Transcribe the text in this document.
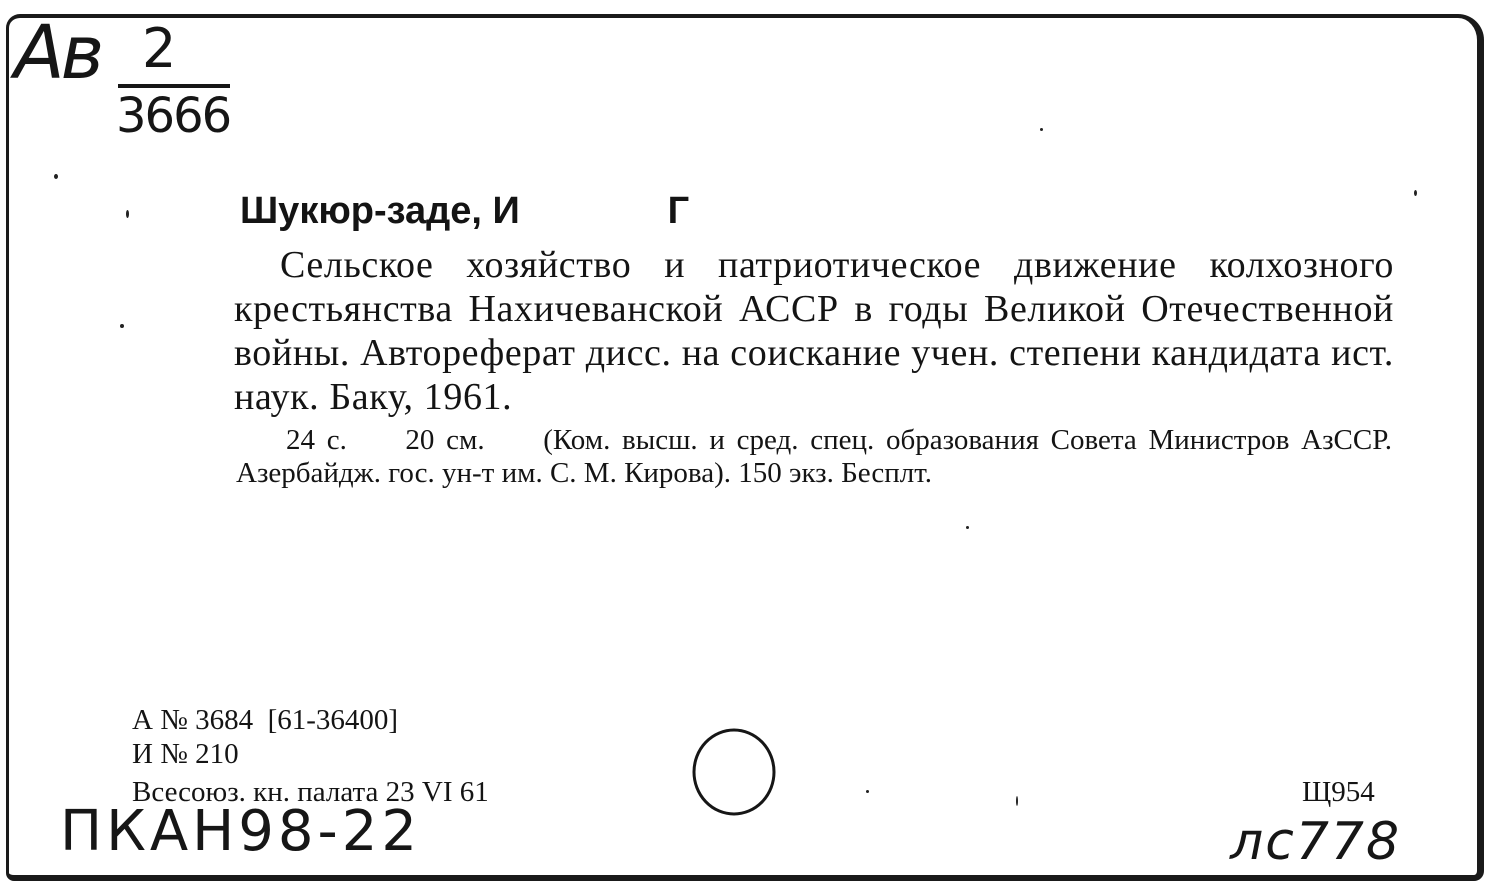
Ав 2
3666
Шукюр-заде, И              Г

Сельское хозяйство и патриотическое движение колхозного крестьянства Нахичеванской АССР в годы Великой Отечественной войны. Автореферат дисс. на соискание учен. степени кандидата ист. наук. Баку, 1961.

24 с.     20 см.     (Ком. высш. и сред. спец. образования Совета Министров АзССР. Азербайдж. гос. ун-т им. С. М. Кирова). 150 экз. Бесплт.

А № 3684  [61-36400]
И № 210
Всесоюз. кн. палата 23 VI 61	Щ954
ПКАН98-22	лс778
